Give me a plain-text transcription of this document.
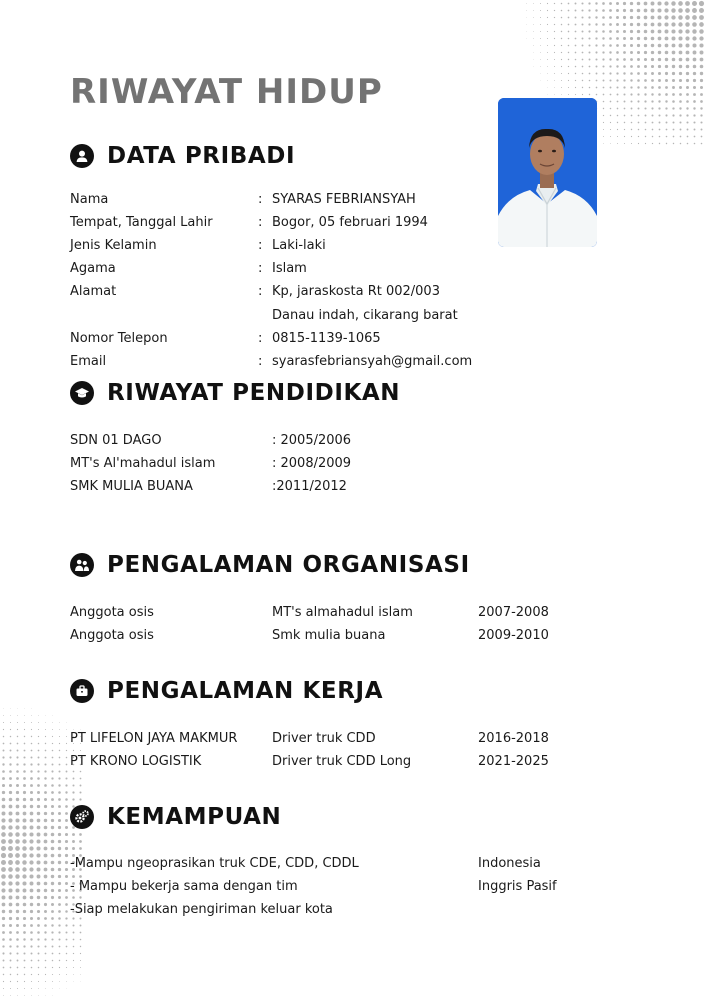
RIWAYAT HIDUP
DATA PRIBADI
Nama	: SYARAS FEBRIANSYAH
Tempat, Tanggal Lahir	: Bogor, 05 februari 1994
Jenis Kelamin	: Laki-laki
Agama	: Islam
Alamat	: Kp, jaraskosta Rt 002/003
Danau indah, cikarang barat
Nomor Telepon	: 0815-1139-1065
Email	: syarasfebriansyah@gmail.com
RIWAYAT PENDIDIKAN
SDN 01 DAGO	: 2005/2006
MT's Al'mahadul islam	: 2008/2009
SMK MULIA BUANA	:2011/2012
PENGALAMAN ORGANISASI
Anggota osis	MT's almahadul islam	2007-2008
Anggota osis	Smk mulia buana	2009-2010
PENGALAMAN KERJA
PT LIFELON JAYA MAKMUR	Driver truk CDD	2016-2018
PT KRONO LOGISTIK	Driver truk CDD Long	2021-2025
KEMAMPUAN
-Mampu ngeoprasikan truk CDE, CDD, CDDL	Indonesia
- Mampu bekerja sama dengan tim	Inggris Pasif
-Siap melakukan pengiriman keluar kota
